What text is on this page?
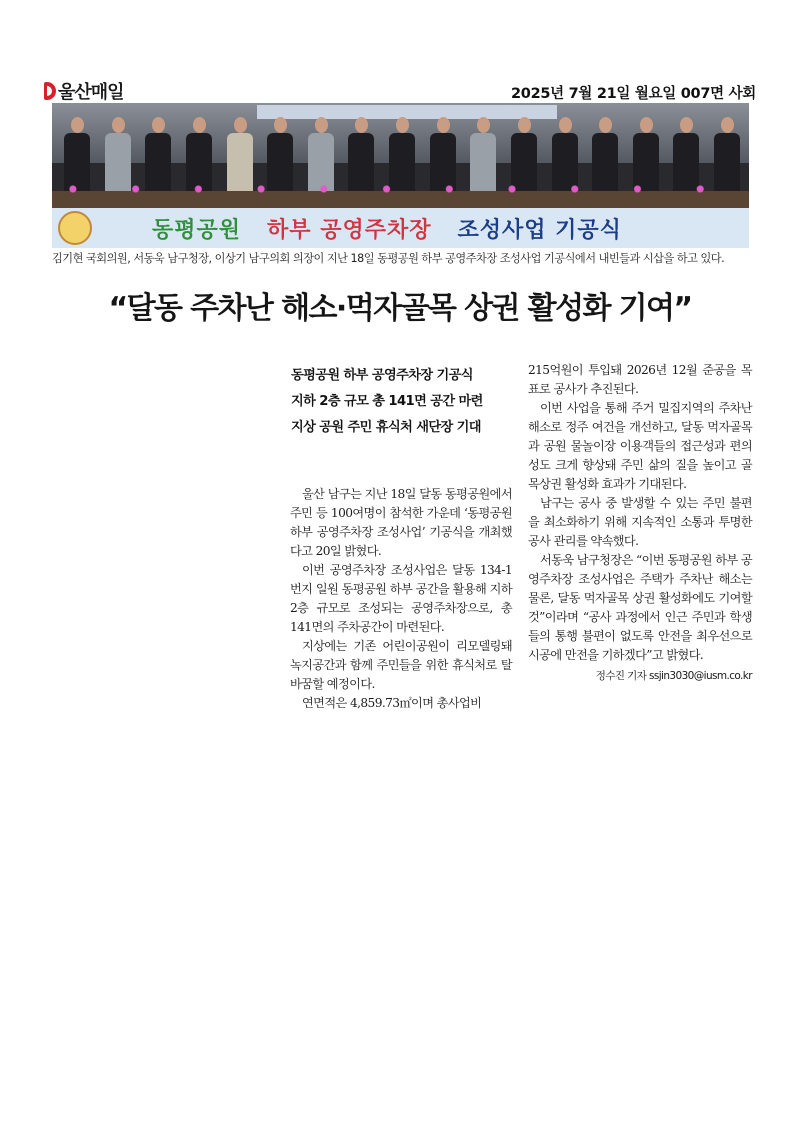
울산매일	2025년 7월 21일 월요일 007면 사회
동평공원 하부 공영주차장 조성사업 기공식
김기현 국회의원, 서동욱 남구청장, 이상기 남구의회 의장이 지난 18일 동평공원 하부 공영주차장 조성사업 기공식에서 내빈들과 시삽을 하고 있다.
“달동 주차난 해소·먹자골목 상권 활성화 기여”
동평공원 하부 공영주차장 기공식
지하 2층 규모 총 141면 공간 마련
지상 공원 주민 휴식처 새단장 기대

울산 남구는 지난 18일 달동 동평공원에서 주민 등 100여명이 참석한 가운데 ‘동평공원 하부 공영주차장 조성사업’ 기공식을 개최했다고 20일 밝혔다.

이번 공영주차장 조성사업은 달동 134-1번지 일원 동평공원 하부 공간을 활용해 지하 2층 규모로 조성되는 공영주차장으로, 총 141면의 주차공간이 마련된다.

지상에는 기존 어린이공원이 리모델링돼 녹지공간과 함께 주민들을 위한 휴식처로 탈바꿈할 예정이다.

연면적은 4,859.73㎡이며 총사업비

215억원이 투입돼 2026년 12월 준공을 목표로 공사가 추진된다.

이번 사업을 통해 주거 밀집지역의 주차난 해소로 정주 여건을 개선하고, 달동 먹자골목과 공원 물놀이장 이용객들의 접근성과 편의성도 크게 향상돼 주민 삶의 질을 높이고 골목상권 활성화 효과가 기대된다.

남구는 공사 중 발생할 수 있는 주민 불편을 최소화하기 위해 지속적인 소통과 투명한 공사 관리를 약속했다.

서동욱 남구청장은 “이번 동평공원 하부 공영주차장 조성사업은 주택가 주차난 해소는 물론, 달동 먹자골목 상권 활성화에도 기여할 것”이라며 “공사 과정에서 인근 주민과 학생들의 통행 불편이 없도록 안전을 최우선으로 시공에 만전을 기하겠다”고 밝혔다.

정수진 기자 ssjin3030@iusm.co.kr
